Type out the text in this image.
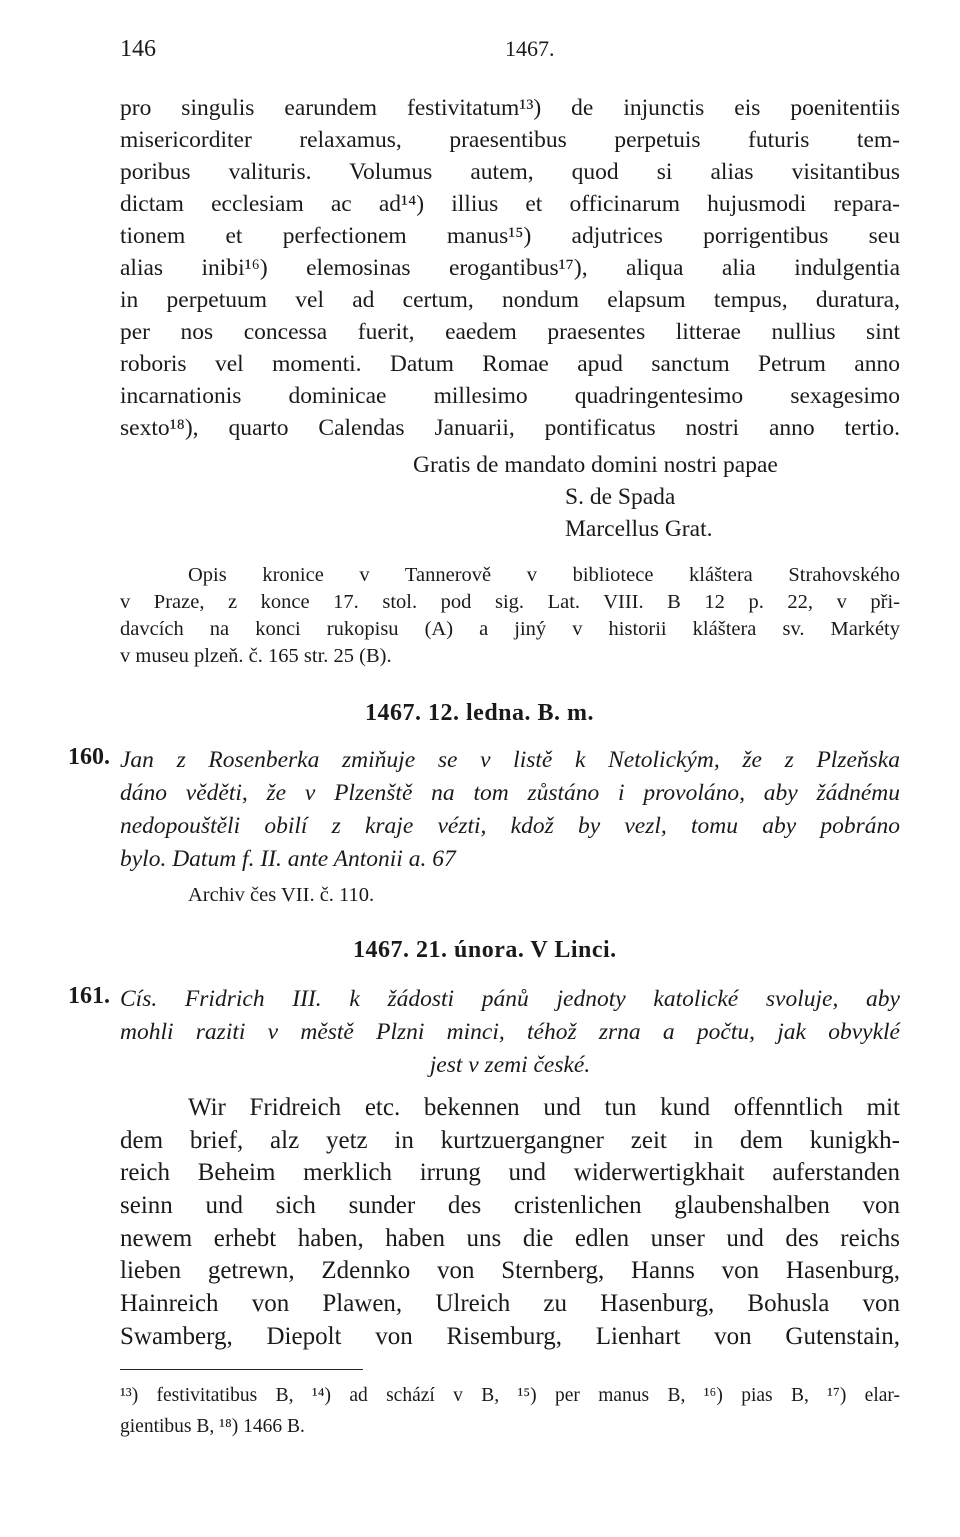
146	1467.
pro singulis earundem festivitatum¹³) de injunctis eis poenitentiis
misericorditer relaxamus, praesentibus perpetuis futuris tem-
poribus valituris. Volumus autem, quod si alias visitantibus
dictam ecclesiam ac ad¹⁴) illius et officinarum hujusmodi repara-
tionem et perfectionem manus¹⁵) adjutrices porrigentibus seu
alias inibi¹⁶) elemosinas erogantibus¹⁷), aliqua alia indulgentia
in perpetuum vel ad certum, nondum elapsum tempus, duratura,
per nos concessa fuerit, eaedem praesentes litterae nullius sint
roboris vel momenti. Datum Romae apud sanctum Petrum anno
incarnationis dominicae millesimo quadringentesimo sexagesimo
sexto¹⁸), quarto Calendas Januarii, pontificatus nostri anno tertio.
Gratis de mandato domini nostri papae
S. de Spada
Marcellus Grat.
Opis kronice v Tannerově v bibliotece kláštera Strahovského
v Praze, z konce 17. stol. pod sig. Lat. VIII. B 12 p. 22, v při-
davcích na konci rukopisu (A) a jiný v historii kláštera sv. Markéty
v museu plzeň. č. 165 str. 25 (B).
1467. 12. ledna. B. m.
160. Jan z Rosenberka zmiňuje se v listě k Netolickým, že z Plzeňska
dáno věděti, že v Plzenště na tom zůstáno i provoláno, aby žádnému
nedopouštěli obilí z kraje vézti, kdož by vezl, tomu aby pobráno
bylo. Datum f. II. ante Antonii a. 67
Archiv čes VII. č. 110.
1467. 21. února. V Linci.
161. Cís. Fridrich III. k žádosti pánů jednoty katolické svoluje, aby
mohli raziti v městě Plzni minci, téhož zrna a počtu, jak obvyklé
jest v zemi české.
Wir Fridreich etc. bekennen und tun kund offenntlich mit
dem brief, alz yetz in kurtzuergangner zeit in dem kunigkh-
reich Beheim merklich irrung und widerwertigkhait auferstanden
seinn und sich sunder des cristenlichen glaubenshalben von
newem erhebt haben, haben uns die edlen unser und des reichs
lieben getrewn, Zdennko von Sternberg, Hanns von Hasenburg,
Hainreich von Plawen, Ulreich zu Hasenburg, Bohusla von
Swamberg, Diepolt von Risemburg, Lienhart von Gutenstain,
¹³) festivitatibus B, ¹⁴) ad schází v B, ¹⁵) per manus B, ¹⁶) pias B, ¹⁷) elar-
gientibus B, ¹⁸) 1466 B.
